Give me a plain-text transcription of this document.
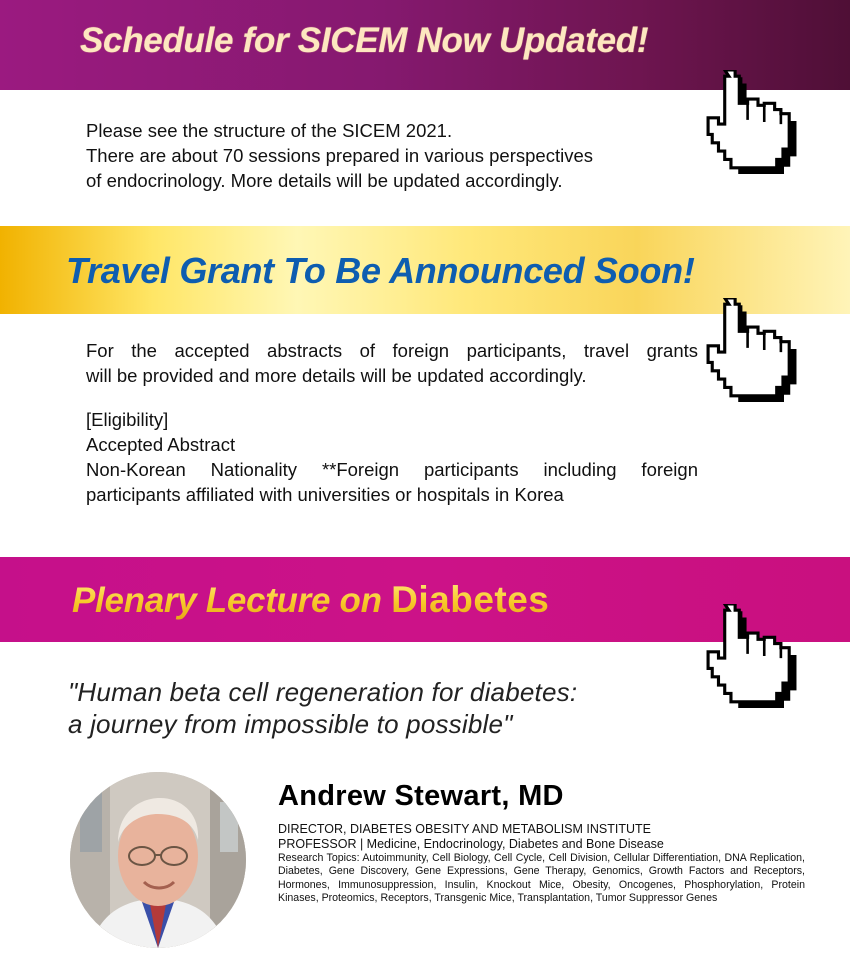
Schedule for SICEM Now Updated!
Please see the structure of the SICEM 2021.
There are about 70 sessions prepared in various perspectives
of endocrinology. More details will be updated accordingly.
Travel Grant To Be Announced Soon!
For the accepted abstracts of foreign participants, travel grants
will be provided and more details will be updated accordingly.
[Eligibility]
Accepted Abstract
Non-Korean Nationality **Foreign participants including foreign
participants affiliated with universities or hospitals in Korea
Plenary Lecture on Diabetes
"Human beta cell regeneration for diabetes:
a journey from impossible to possible"
Andrew Stewart, MD
DIRECTOR, DIABETES OBESITY AND METABOLISM INSTITUTE
PROFESSOR | Medicine, Endocrinology, Diabetes and Bone Disease
Research Topics: Autoimmunity, Cell Biology, Cell Cycle, Cell Division, Cellular Differentiation, DNA Replication, Diabetes, Gene Discovery, Gene Expressions, Gene Therapy, Genomics, Growth Factors and Receptors, Hormones, Immunosuppression, Insulin, Knockout Mice, Obesity, Oncogenes, Phosphorylation, Protein Kinases, Proteomics, Receptors, Transgenic Mice, Transplantation, Tumor Suppressor Genes
